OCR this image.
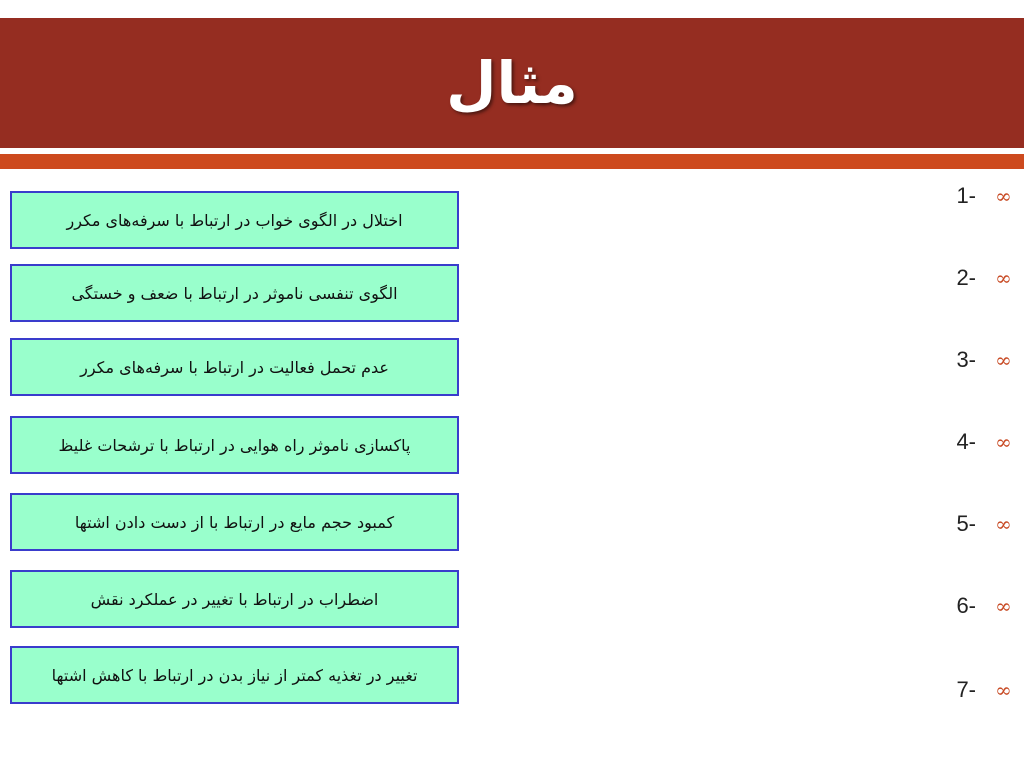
مثال
اختلال در الگوی خواب در ارتباط با سرفه‌های مکرر
1- ∞
الگوی تنفسی ناموثر در ارتباط با ضعف و خستگی
2- ∞
عدم تحمل فعالیت در ارتباط با سرفه‌های مکرر	3- ∞
پاکسازی ناموثر راه هوایی در ارتباط با ترشحات غلیظ	4- ∞
کمبود حجم مایع در ارتباط با از دست دادن اشتها	5- ∞
اضطراب در ارتباط با تغییر در عملکرد نقش	6- ∞
تغییر در تغذیه کمتر از نیاز بدن در ارتباط با کاهش اشتها
7- ∞
